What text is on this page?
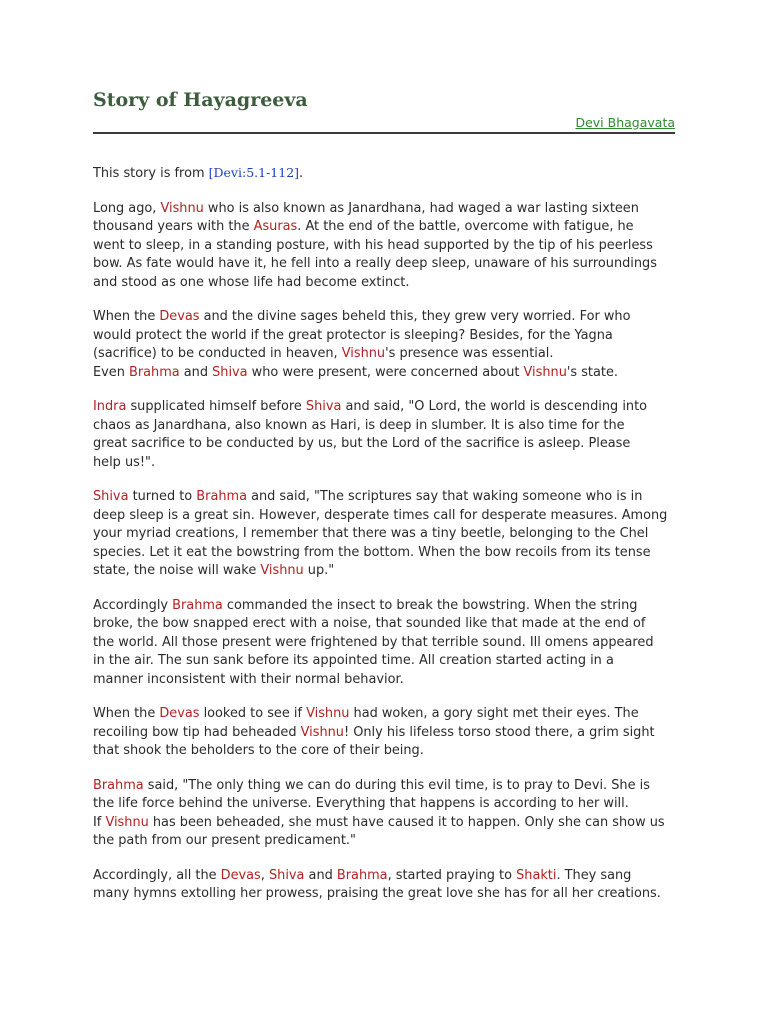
Story of Hayagreeva
Devi Bhagavata

This story is from [Devi:5.1-112].

Long ago, Vishnu who is also known as Janardhana, had waged a war lasting sixteen
thousand years with the Asuras. At the end of the battle, overcome with fatigue, he
went to sleep, in a standing posture, with his head supported by the tip of his peerless
bow. As fate would have it, he fell into a really deep sleep, unaware of his surroundings
and stood as one whose life had become extinct.

When the Devas and the divine sages beheld this, they grew very worried. For who
would protect the world if the great protector is sleeping? Besides, for the Yagna
(sacrifice) to be conducted in heaven, Vishnu's presence was essential.
Even Brahma and Shiva who were present, were concerned about Vishnu's state.

Indra supplicated himself before Shiva and said, "O Lord, the world is descending into
chaos as Janardhana, also known as Hari, is deep in slumber. It is also time for the
great sacrifice to be conducted by us, but the Lord of the sacrifice is asleep. Please
help us!".

Shiva turned to Brahma and said, "The scriptures say that waking someone who is in
deep sleep is a great sin. However, desperate times call for desperate measures. Among
your myriad creations, I remember that there was a tiny beetle, belonging to the Chel
species. Let it eat the bowstring from the bottom. When the bow recoils from its tense
state, the noise will wake Vishnu up."

Accordingly Brahma commanded the insect to break the bowstring. When the string
broke, the bow snapped erect with a noise, that sounded like that made at the end of
the world. All those present were frightened by that terrible sound. Ill omens appeared
in the air. The sun sank before its appointed time. All creation started acting in a
manner inconsistent with their normal behavior.

When the Devas looked to see if Vishnu had woken, a gory sight met their eyes. The
recoiling bow tip had beheaded Vishnu! Only his lifeless torso stood there, a grim sight
that shook the beholders to the core of their being.

Brahma said, "The only thing we can do during this evil time, is to pray to Devi. She is
the life force behind the universe. Everything that happens is according to her will.
If Vishnu has been beheaded, she must have caused it to happen. Only she can show us
the path from our present predicament."

Accordingly, all the Devas, Shiva and Brahma, started praying to Shakti. They sang
many hymns extolling her prowess, praising the great love she has for all her creations.
